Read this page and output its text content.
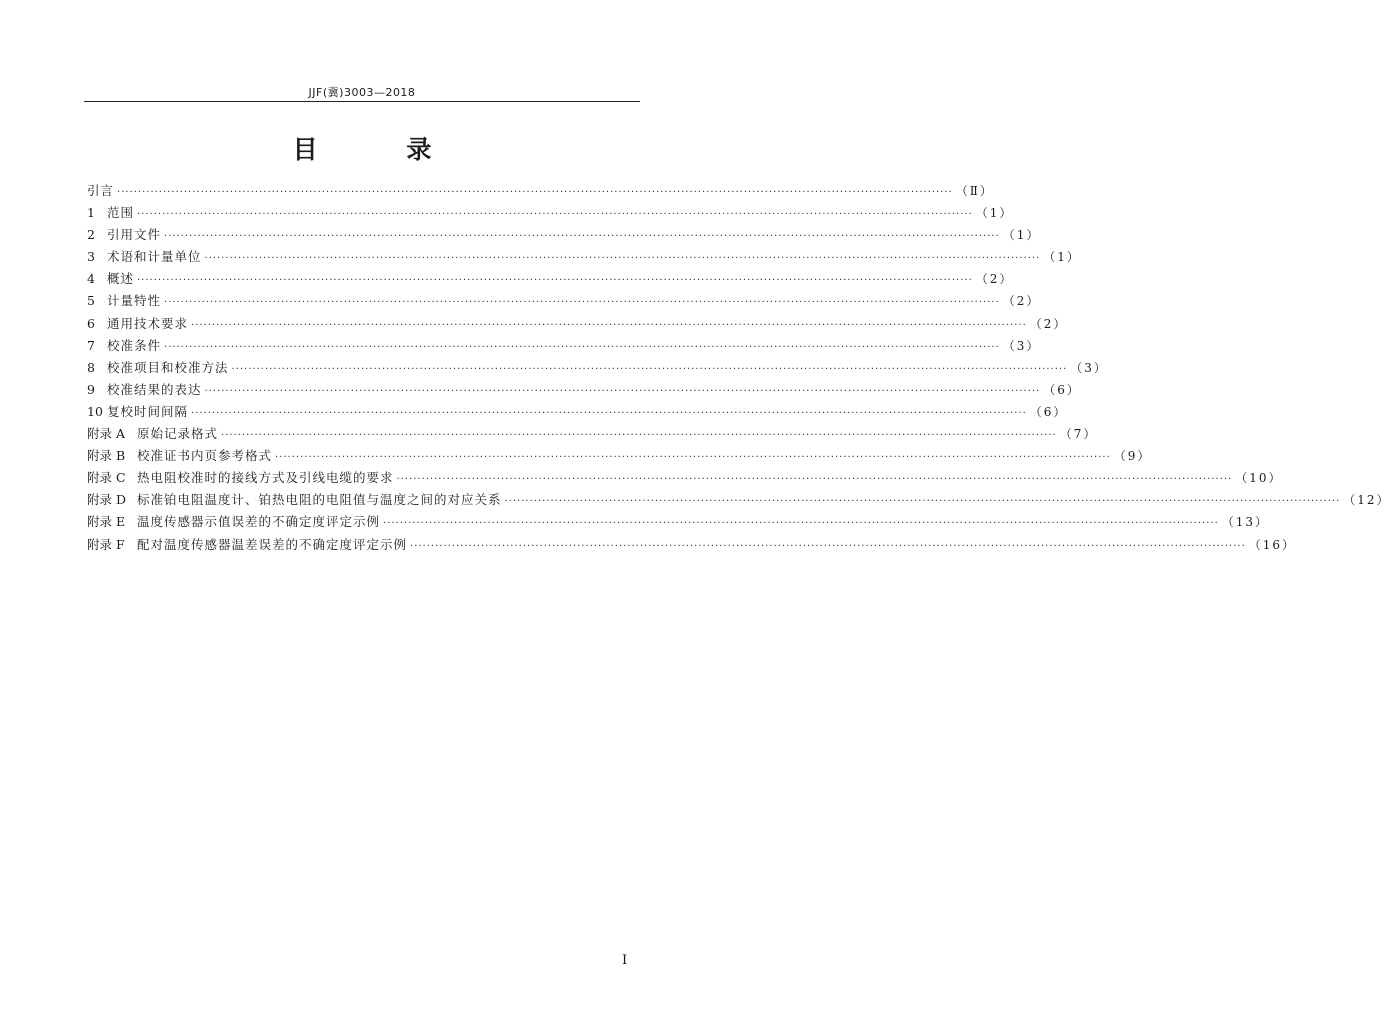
JJF(冀)3003—2018
目 录
引言 ········································································································································································································ （Ⅱ）
1 范围 ········································································································································································································ （1）
2 引用文件 ········································································································································································································ （1）
3 术语和计量单位 ········································································································································································································ （1）
4 概述 ········································································································································································································ （2）
5 计量特性 ········································································································································································································ （2）
6 通用技术要求 ········································································································································································································ （2）
7 校准条件 ········································································································································································································ （3）
8 校准项目和校准方法 ········································································································································································································ （3）
9 校准结果的表达 ········································································································································································································ （6）
10 复校时间间隔 ········································································································································································································ （6）
附录 A 原始记录格式 ········································································································································································································ （7）
附录 B 校准证书内页参考格式 ········································································································································································································ （9）
附录 C 热电阻校准时的接线方式及引线电缆的要求 ········································································································································································································ （10）
附录 D 标准铂电阻温度计、铂热电阻的电阻值与温度之间的对应关系 ········································································································································································································ （12）
附录 E 温度传感器示值误差的不确定度评定示例 ········································································································································································································ （13）
附录 F 配对温度传感器温差误差的不确定度评定示例 ········································································································································································································ （16）
I
